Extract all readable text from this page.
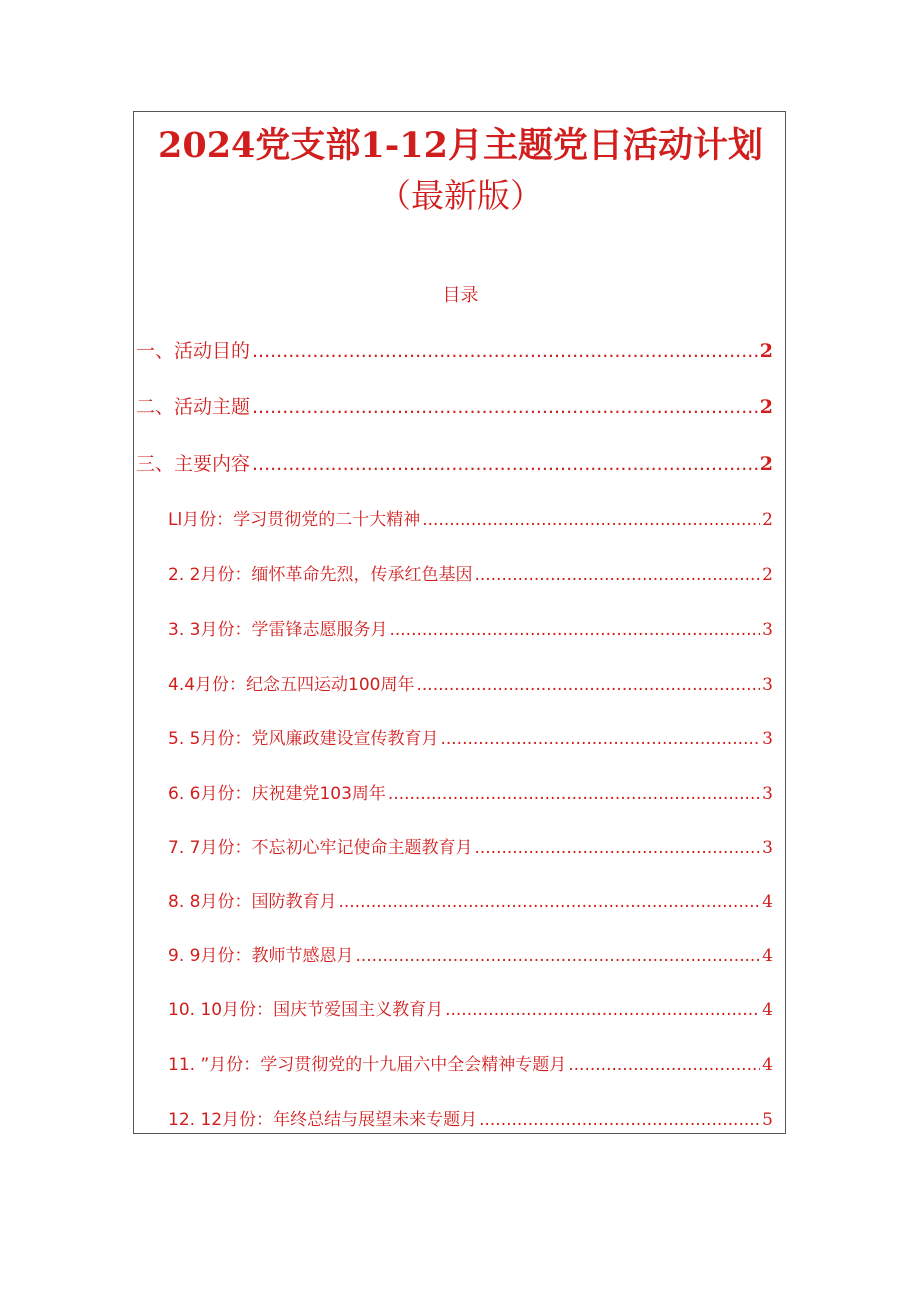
2024党支部1-12月主题党日活动计划
（最新版）
目录
一、活动目的 .....	2
二、活动主题 .....	2
三、主要内容 .....	2
Ll月份：学习贯彻党的二十大精神 .....	2
2. 2月份：缅怀革命先烈，传承红色基因 .....	2
3. 3月份：学雷锋志愿服务月 .....	3
4.4月份：纪念五四运动100周年 .....	3
5. 5月份：党风廉政建设宣传教育月 .....	3
6. 6月份：庆祝建党103周年 .....	3
7. 7月份：不忘初心牢记使命主题教育月 .....	3
8. 8月份：国防教育月 .....	4
9. 9月份：教师节感恩月 .....	4
10. 10月份：国庆节爱国主义教育月 .....	4
11. ”月份：学习贯彻党的十九届六中全会精神专题月 .....	4
12. 12月份：年终总结与展望未来专题月 .....	5
